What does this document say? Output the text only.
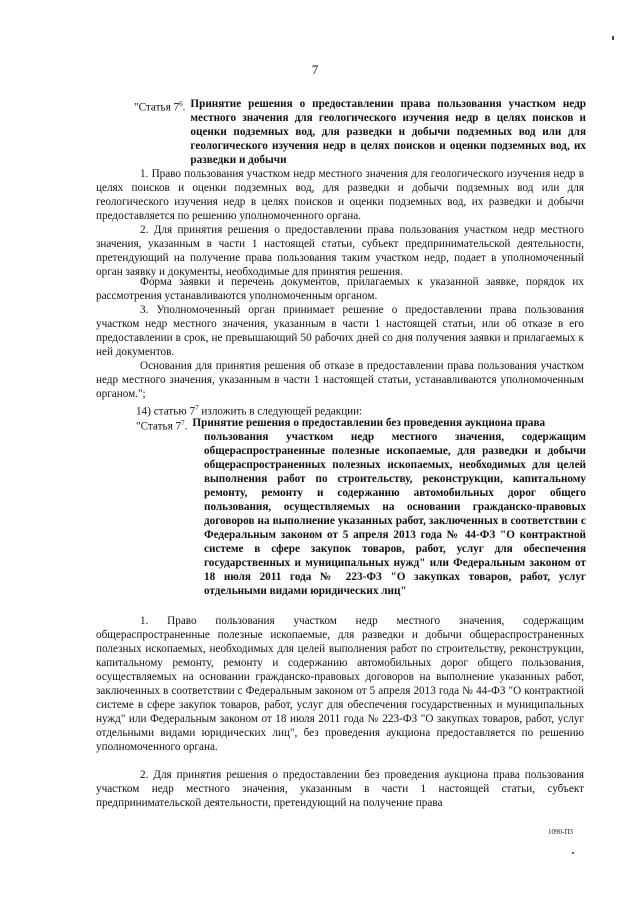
7
"Статья $7^6$. Принятие решения о предоставлении права пользования участком недр местного значения для геологического изучения недр в целях поисков и оценки подземных вод, для разведки и добычи подземных вод или для геологического изучения недр в целях поисков и оценки подземных вод, их разведки и добычи

1. Право пользования участком недр местного значения для геологического изучения недр в целях поисков и оценки подземных вод, для разведки и добычи подземных вод или для геологического изучения недр в целях поисков и оценки подземных вод, их разведки и добычи предоставляется по решению уполномоченного органа.

2. Для принятия решения о предоставлении права пользования участком недр местного значения, указанным в части 1 настоящей статьи, субъект предпринимательской деятельности, претендующий на получение права пользования таким участком недр, подает в уполномоченный орган заявку и документы, необходимые для принятия решения.

Форма заявки и перечень документов, прилагаемых к указанной заявке, порядок их рассмотрения устанавливаются уполномоченным органом.

3. Уполномоченный орган принимает решение о предоставлении права пользования участком недр местного значения, указанным в части 1 настоящей статьи, или об отказе в его предоставлении в срок, не превышающий 50 рабочих дней со дня получения заявки и прилагаемых к ней документов.

Основания для принятия решения об отказе в предоставлении права пользования участком недр местного значения, указанным в части 1 настоящей статьи, устанавливаются уполномоченным органом.";

14) статью $7^7$ изложить в следующей редакции:

"Статья $7^7$. Принятие решения о предоставлении без проведения аукциона права
пользования участком недр местного значения, содержащим общераспространенные полезные ископаемые, для разведки и добычи общераспространенных полезных ископаемых, необходимых для целей выполнения работ по строительству, реконструкции, капитальному ремонту, ремонту и содержанию автомобильных дорог общего пользования, осуществляемых на основании гражданско-правовых договоров на выполнение указанных работ, заключенных в соответствии с Федеральным законом от 5 апреля 2013 года № 44-ФЗ "О контрактной системе в сфере закупок товаров, работ, услуг для обеспечения государственных и муниципальных нужд" или Федеральным законом от 18 июля 2011 года № 223-ФЗ "О закупках товаров, работ, услуг отдельными видами юридических лиц"

1. Право пользования участком недр местного значения, содержащим общераспространенные полезные ископаемые, для разведки и добычи общераспространенных полезных ископаемых, необходимых для целей выполнения работ по строительству, реконструкции, капитальному ремонту, ремонту и содержанию автомобильных дорог общего пользования, осуществляемых на основании гражданско-правовых договоров на выполнение указанных работ, заключенных в соответствии с Федеральным законом от 5 апреля 2013 года № 44-ФЗ "О контрактной системе в сфере закупок товаров, работ, услуг для обеспечения государственных и муниципальных нужд" или Федеральным законом от 18 июля 2011 года № 223-ФЗ "О закупках товаров, работ, услуг отдельными видами юридических лиц", без проведения аукциона предоставляется по решению уполномоченного органа.

2. Для принятия решения о предоставлении без проведения аукциона права пользования участком недр местного значения, указанным в части 1 настоящей статьи, субъект предпринимательской деятельности, претендующий на получение права

1090-П3
